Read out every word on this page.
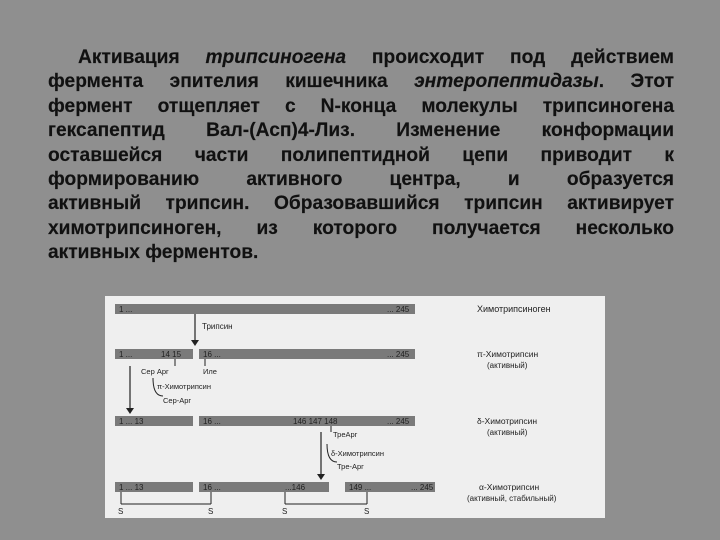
Активация трипсиногена происходит под действием
фермента эпителия кишечника энтеропептидазы. Этот
фермент отщепляет с N-конца молекулы трипсиногена
гексапептид Вал-(Асп)4-Лиз. Изменение конформации
оставшейся части полипептидной цепи приводит к
формированию активного центра, и образуется
активный трипсин. Образовавшийся трипсин активирует
химотрипсиноген, из которого получается несколько
активных ферментов.
1 ...	... 245	Химотрипсиноген
Трипсин
1 ...	14 15	16 ...	... 245
Сер Арг	Иле
π-Химотрипсин
(активный)
π-Химотрипсин
Сер-Арг
1 ... 13	16 ...	146 147 148	... 245
ТреАрг
δ-Химотрипсин
(активный)
δ-Химотрипсин
Тре-Арг
1 ... 13	16 ...	...146	149 ...	... 245	α-Химотрипсин
(активный, стабильный)
S	S	S	S
